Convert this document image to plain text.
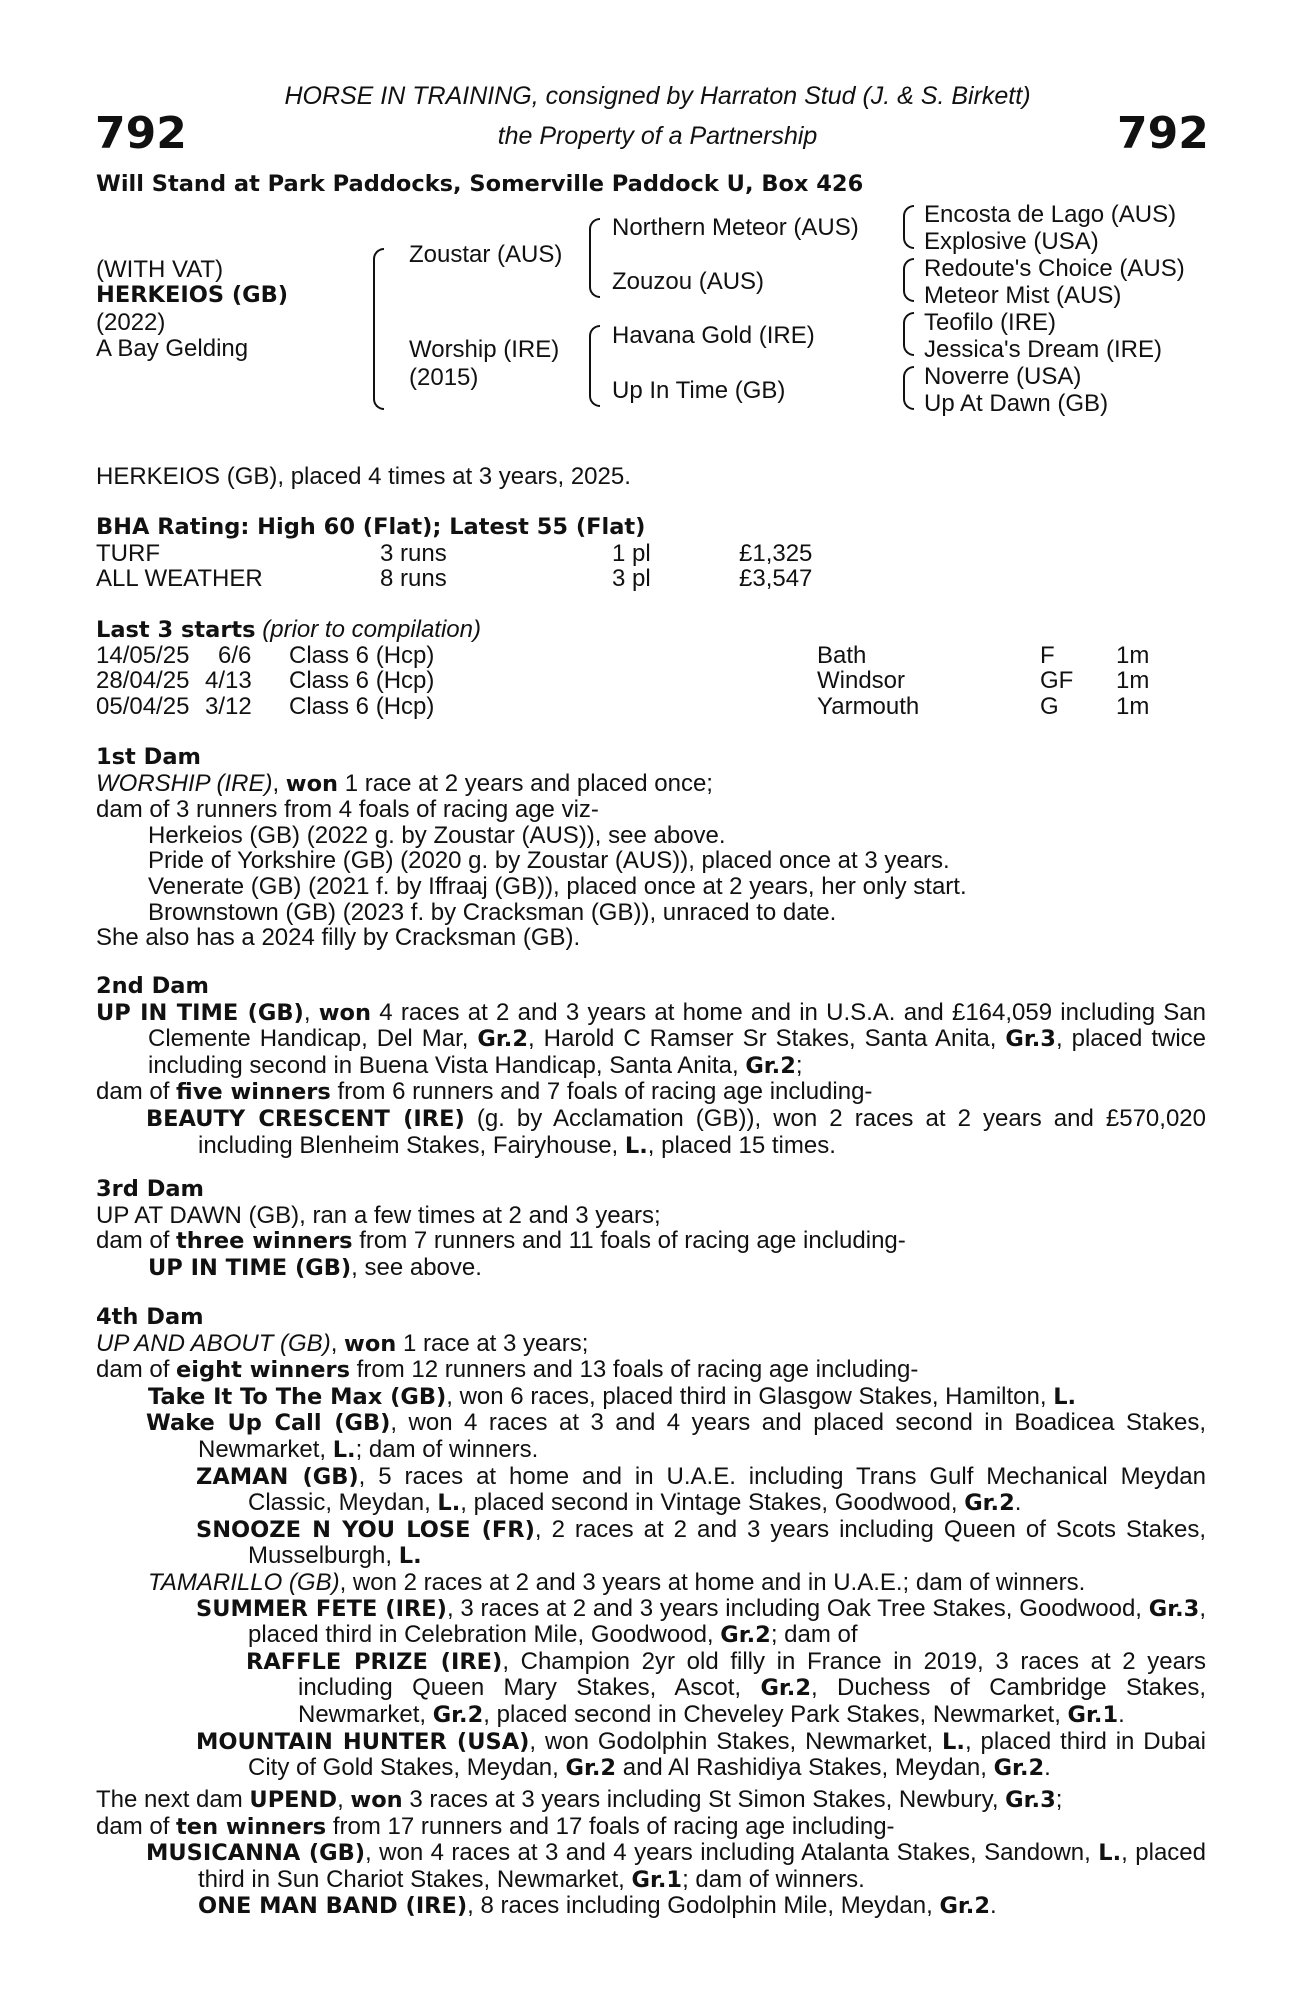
792	792
HORSE IN TRAINING, consigned by Harraton Stud (J. & S. Birkett)
the Property of a Partnership
Will Stand at Park Paddocks, Somerville Paddock U, Box 426
(WITH VAT)
HERKEIOS (GB)
(2022)
A Bay Gelding
Zoustar (AUS)
Worship (IRE)
(2015)
Northern Meteor (AUS)
Zouzou (AUS)
Havana Gold (IRE)
Up In Time (GB)
Encosta de Lago (AUS)
Explosive (USA)
Redoute's Choice (AUS)
Meteor Mist (AUS)
Teofilo (IRE)
Jessica's Dream (IRE)
Noverre (USA)
Up At Dawn (GB)
HERKEIOS (GB), placed 4 times at 3 years, 2025.
BHA Rating: High 60 (Flat); Latest 55 (Flat)
TURF	3 runs	1 pl	£1,325
ALL WEATHER	8 runs	3 pl	£3,547
Last 3 starts (prior to compilation)
14/05/25 6/6 Class 6 (Hcp)	Bath	F	1m
28/04/25 4/13 Class 6 (Hcp)	Windsor	GF 1m
05/04/25 3/12 Class 6 (Hcp)	Yarmouth	G 1m

1st Dam

WORSHIP (IRE), won 1 race at 2 years and placed once;

dam of 3 runners from 4 foals of racing age viz-

Herkeios (GB) (2022 g. by Zoustar (AUS)), see above.

Pride of Yorkshire (GB) (2020 g. by Zoustar (AUS)), placed once at 3 years.

Venerate (GB) (2021 f. by Iffraaj (GB)), placed once at 2 years, her only start.

Brownstown (GB) (2023 f. by Cracksman (GB)), unraced to date.

She also has a 2024 filly by Cracksman (GB).

2nd Dam

UP IN TIME (GB), won 4 races at 2 and 3 years at home and in U.S.A. and £164,059 including San Clemente Handicap, Del Mar, Gr.2, Harold C Ramser Sr Stakes, Santa Anita, Gr.3, placed twice including second in Buena Vista Handicap, Santa Anita, Gr.2;

dam of five winners from 6 runners and 7 foals of racing age including-

BEAUTY CRESCENT (IRE) (g. by Acclamation (GB)), won 2 races at 2 years and £570,020 including Blenheim Stakes, Fairyhouse, L., placed 15 times.

3rd Dam

UP AT DAWN (GB), ran a few times at 2 and 3 years;

dam of three winners from 7 runners and 11 foals of racing age including-

UP IN TIME (GB), see above.

4th Dam

UP AND ABOUT (GB), won 1 race at 3 years;

dam of eight winners from 12 runners and 13 foals of racing age including-

Take It To The Max (GB), won 6 races, placed third in Glasgow Stakes, Hamilton, L.

Wake Up Call (GB), won 4 races at 3 and 4 years and placed second in Boadicea Stakes, Newmarket, L.; dam of winners.

ZAMAN (GB), 5 races at home and in U.A.E. including Trans Gulf Mechanical Meydan Classic, Meydan, L., placed second in Vintage Stakes, Goodwood, Gr.2.

SNOOZE N YOU LOSE (FR), 2 races at 2 and 3 years including Queen of Scots Stakes, Musselburgh, L.

TAMARILLO (GB), won 2 races at 2 and 3 years at home and in U.A.E.; dam of winners.

SUMMER FETE (IRE), 3 races at 2 and 3 years including Oak Tree Stakes, Goodwood, Gr.3, placed third in Celebration Mile, Goodwood, Gr.2; dam of

RAFFLE PRIZE (IRE), Champion 2yr old filly in France in 2019, 3 races at 2 years including Queen Mary Stakes, Ascot, Gr.2, Duchess of Cambridge Stakes, Newmarket, Gr.2, placed second in Cheveley Park Stakes, Newmarket, Gr.1.

MOUNTAIN HUNTER (USA), won Godolphin Stakes, Newmarket, L., placed third in Dubai City of Gold Stakes, Meydan, Gr.2 and Al Rashidiya Stakes, Meydan, Gr.2.

The next dam UPEND, won 3 races at 3 years including St Simon Stakes, Newbury, Gr.3;

dam of ten winners from 17 runners and 17 foals of racing age including-

MUSICANNA (GB), won 4 races at 3 and 4 years including Atalanta Stakes, Sandown, L., placed third in Sun Chariot Stakes, Newmarket, Gr.1; dam of winners.

ONE MAN BAND (IRE), 8 races including Godolphin Mile, Meydan, Gr.2.
